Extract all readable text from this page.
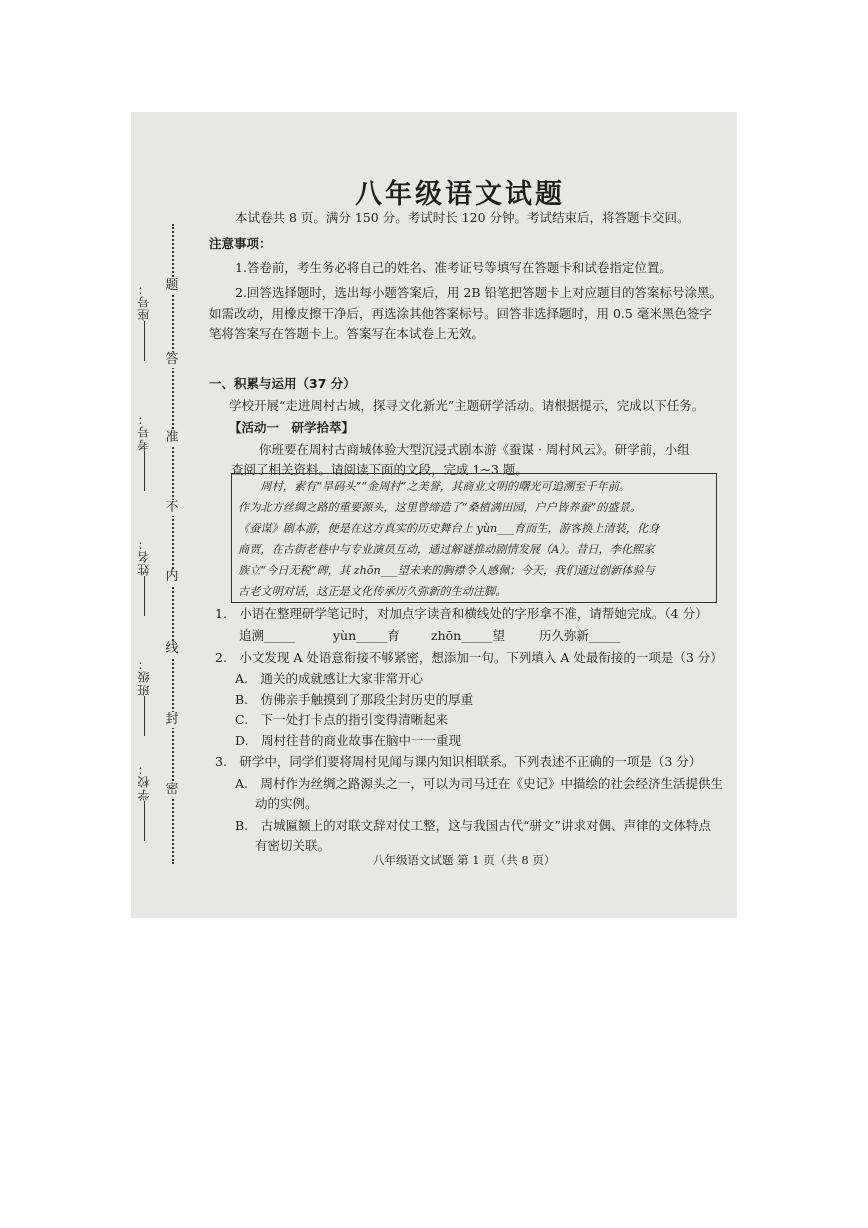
题
答
准
不
内
线
封
密
座号：
考号：
姓名：
班级：
学校：
八年级语文试题
本试卷共 8 页。满分 150 分。考试时长 120 分钟。考试结束后，将答题卡交回。
注意事项：
1.答卷前，考生务必将自己的姓名、准考证号等填写在答题卡和试卷指定位置。
2.回答选择题时，选出每小题答案后，用 2B 铅笔把答题卡上对应题目的答案标号涂黑。
如需改动，用橡皮擦干净后，再选涂其他答案标号。回答非选择题时，用 0.5 毫米黑色签字
笔将答案写在答题卡上。答案写在本试卷上无效。
一、积累与运用（37 分）
学校开展“走进周村古城，探寻文化新光”主题研学活动。请根据提示，完成以下任务。
【活动一　研学拾萃】
你班要在周村古商城体验大型沉浸式剧本游《蚕谋 · 周村风云》。研学前，小组
查阅了相关资料。请阅读下面的文段，完成 1~3 题。
周村，素有“旱码头”“金周村”之美誉，其商业文明的曙光可追溯至千年前。
作为北方丝绸之路的重要源头，这里曾缔造了“桑植满田园，户户皆养蚕”的盛景。
《蚕谋》剧本游，便是在这方真实的历史舞台上 yùn___育而生，游客换上清装，化身
商贾，在古街老巷中与专业演员互动，通过解谜推动剧情发展（A）。昔日，李化熙家
族立“今日无税”碑，其 zhōn___望未来的胸襟令人感佩；今天，我们通过创新体验与
古老文明对话，这正是文化传承历久弥新的生动注脚。
1.　小语在整理研学笔记时，对加点字读音和横线处的字形拿不准，请帮她完成。（4 分）
追溯_____	yùn_____育 zhōn_____望	历久弥新_____
2.　小文发现 A 处语意衔接不够紧密，想添加一句。下列填入 A 处最衔接的一项是（3 分）
A.　通关的成就感让大家非常开心
B.　仿佛亲手触摸到了那段尘封历史的厚重
C.　下一处打卡点的指引变得清晰起来
D.　周村往昔的商业故事在脑中一一重现
3.　研学中，同学们要将周村见闻与课内知识相联系。下列表述不正确的一项是（3 分）
A.　周村作为丝绸之路源头之一，可以为司马迁在《史记》中描绘的社会经济生活提供生
动的实例。
B.　古城匾额上的对联文辞对仗工整，这与我国古代“骈文”讲求对偶、声律的文体特点
有密切关联。
八年级语文试题 第 1 页（共 8 页）
